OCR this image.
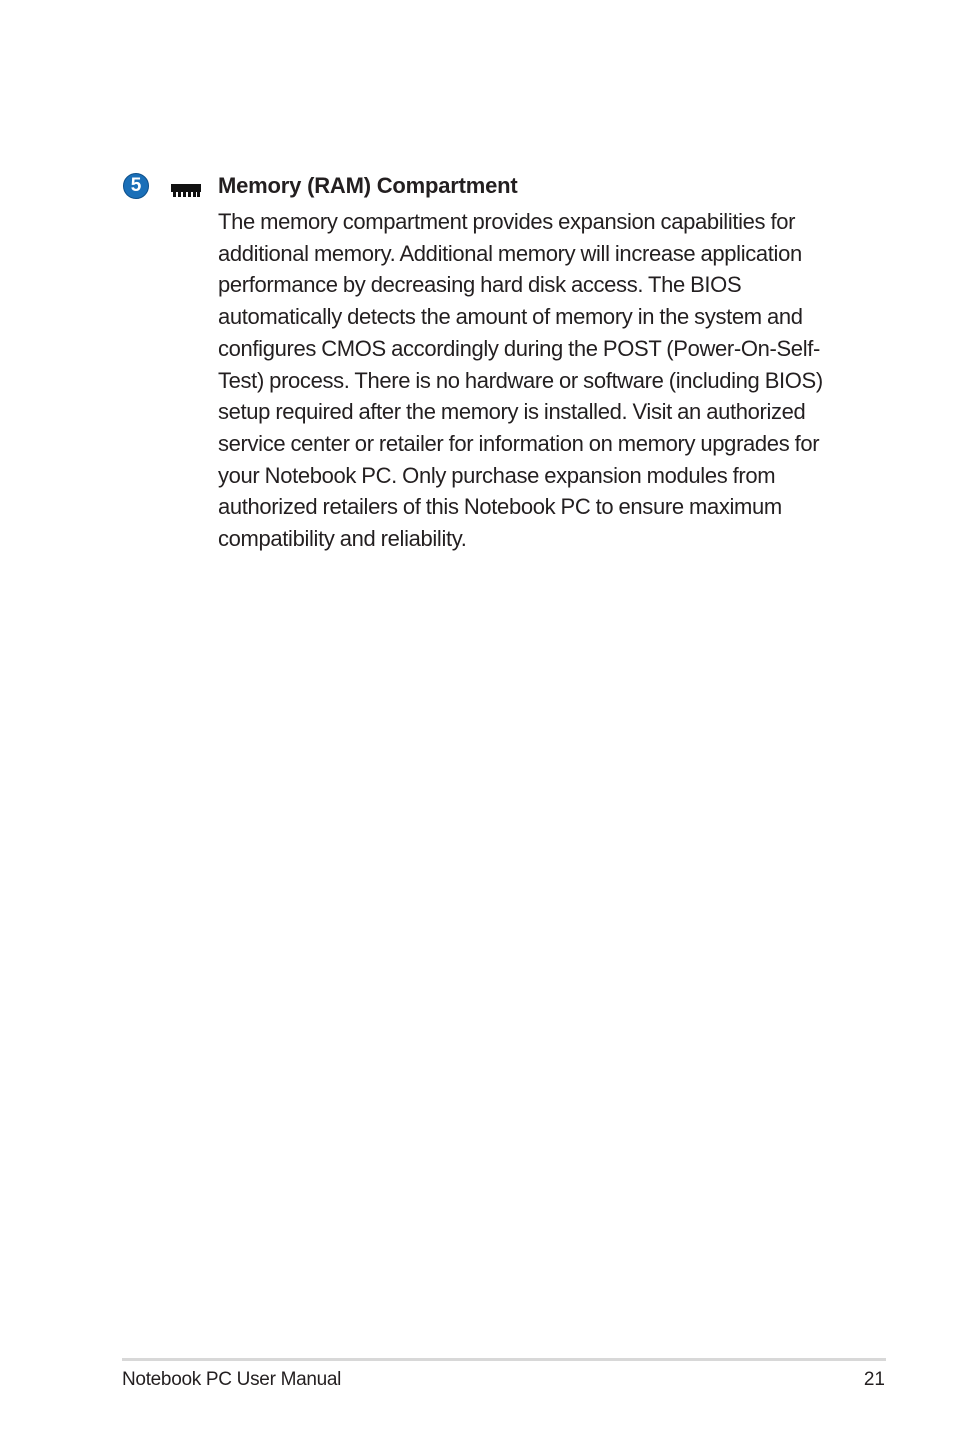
5	Memory (RAM) Compartment

The memory compartment provides expansion capabilities for additional memory. Additional memory will increase application performance by decreasing hard disk access. The BIOS automatically detects the amount of memory in the system and configures CMOS accordingly during the POST (Power-On-Self-Test) process. There is no hardware or software (including BIOS) setup required after the memory is installed. Visit an authorized service center or retailer for information on memory upgrades for your Notebook PC. Only purchase expansion modules from authorized retailers of this Notebook PC to ensure maximum compatibility and reliability.

Notebook PC User Manual	21
